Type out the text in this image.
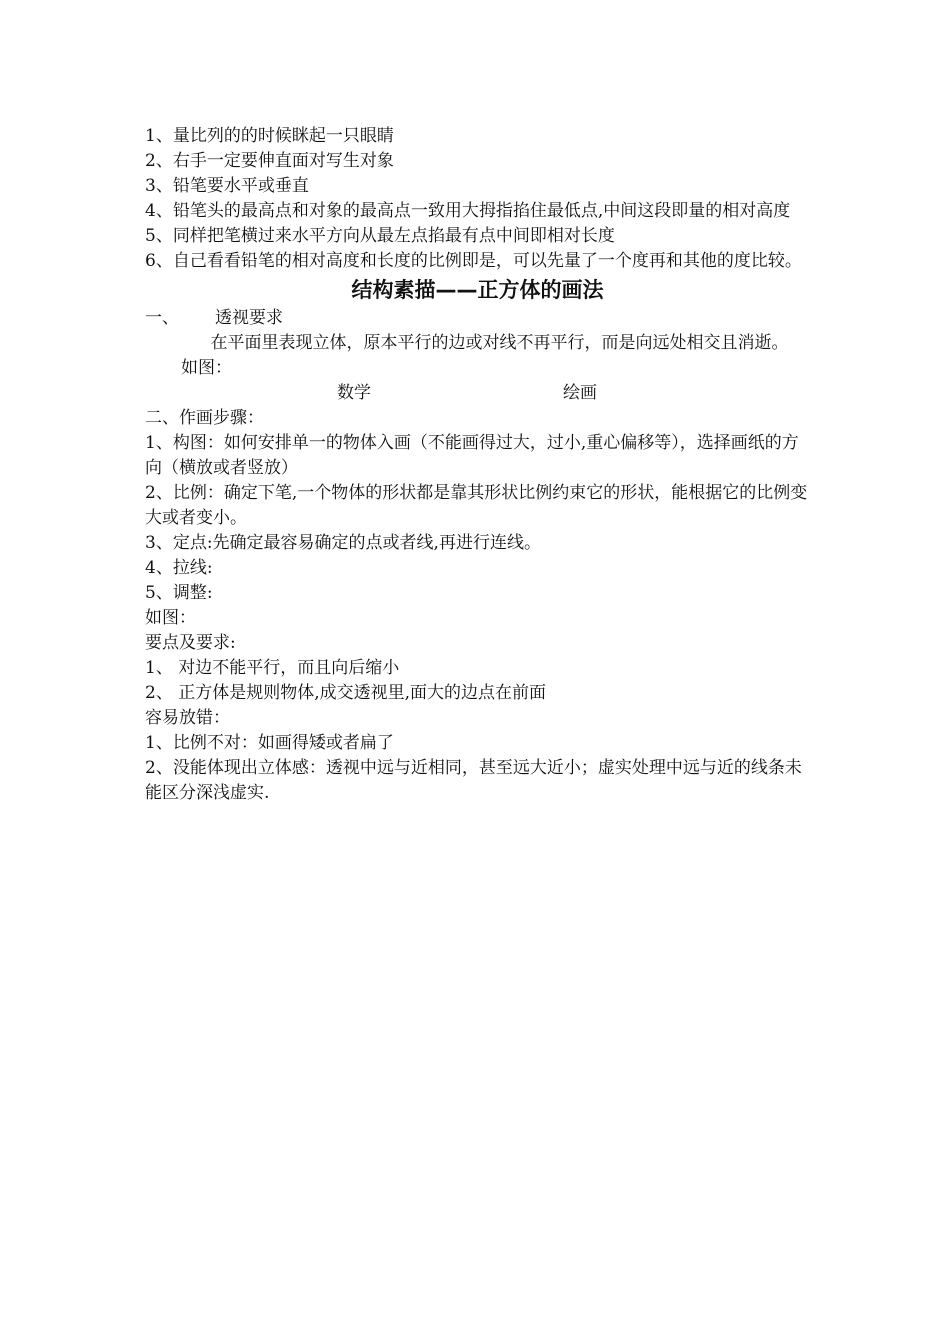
1、量比列的的时候眯起一只眼睛

2、右手一定要伸直面对写生对象

3、铅笔要水平或垂直

4、铅笔头的最高点和对象的最高点一致用大拇指掐住最低点,中间这段即量的相对高度

5、同样把笔横过来水平方向从最左点掐最有点中间即相对长度

6、自己看看铅笔的相对高度和长度的比例即是，可以先量了一个度再和其他的度比较。

结构素描——正方体的画法

一、 透视要求

在平面里表现立体，原本平行的边或对线不再平行，而是向远处相交且消逝。

如图：

数学	绘画

二、作画步骤：

1、构图：如何安排单一的物体入画（不能画得过大，过小,重心偏移等），选择画纸的方向（横放或者竖放）

2、比例：确定下笔,一个物体的形状都是靠其形状比例约束它的形状，能根据它的比例变大或者变小。

3、定点:先确定最容易确定的点或者线,再进行连线。

4、拉线:

5、调整:

如图：

要点及要求:

1、 对边不能平行，而且向后缩小

2、 正方体是规则物体,成交透视里,面大的边点在前面

容易放错：

1、比例不对：如画得矮或者扁了

2、没能体现出立体感：透视中远与近相同，甚至远大近小；虚实处理中远与近的线条未能区分深浅虚实.
